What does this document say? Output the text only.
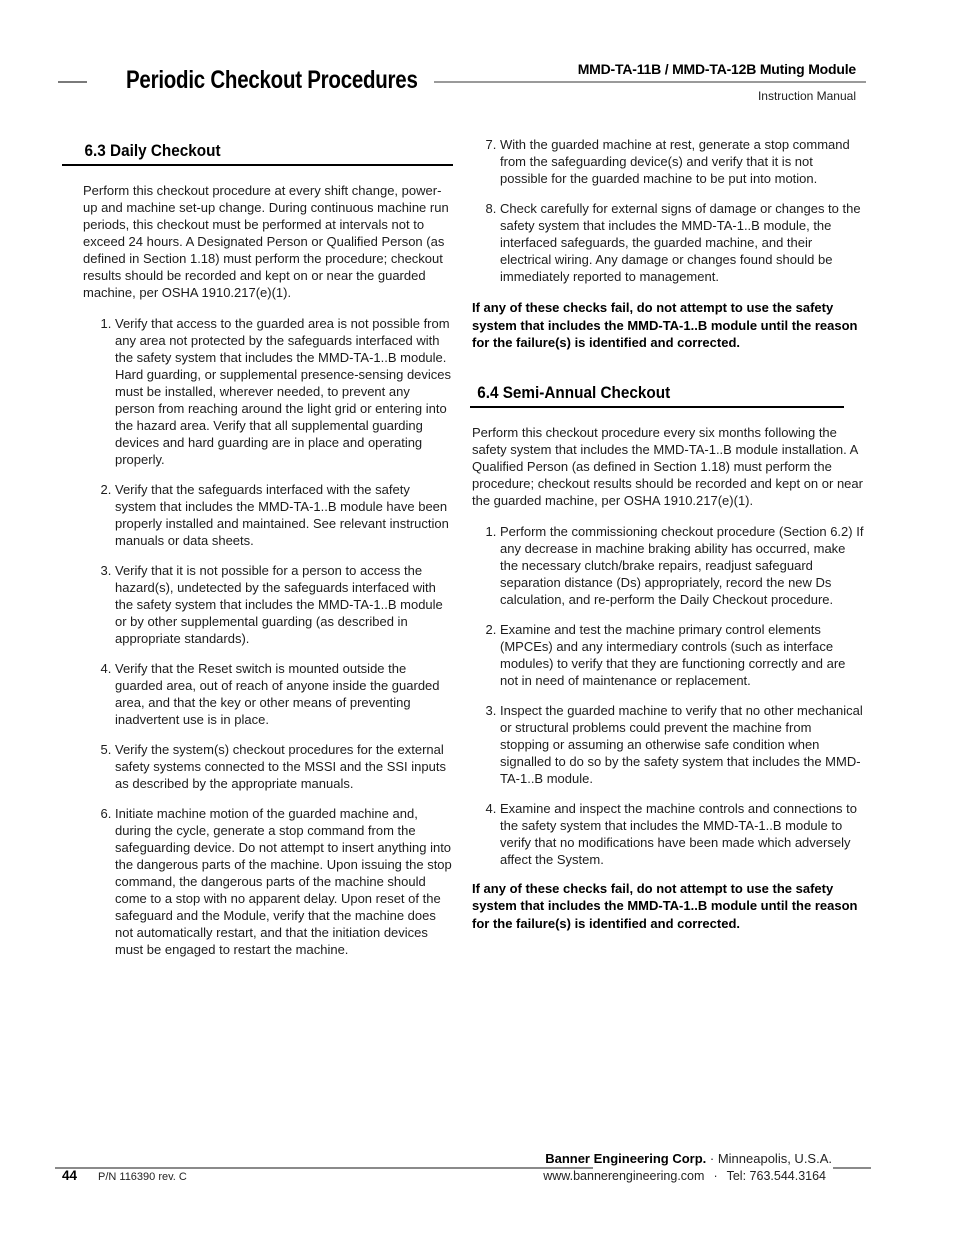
Periodic Checkout Procedures	MMD-TA-11B / MMD-TA-12B Muting Module
Instruction Manual
6.3 Daily Checkout

Perform this checkout procedure at every shift change, power-up and machine set-up change. During continuous machine run periods, this checkout must be performed at intervals not to exceed 24 hours. A Designated Person or Qualified Person (as defined in Section 1.18) must perform the procedure; checkout results should be recorded and kept on or near the guarded machine, per OSHA 1910.217(e)(1).

1. Verify that access to the guarded area is not possible from any area not protected by the safeguards interfaced with the safety system that includes the MMD-TA-1..B module. Hard guarding, or supplemental presence-sensing devices must be installed, wherever needed, to prevent any person from reaching around the light grid or entering into the hazard area. Verify that all supplemental guarding devices and hard guarding are in place and operating properly.
2. Verify that the safeguards interfaced with the safety system that includes the MMD-TA-1..B module have been properly installed and maintained. See relevant instruction manuals or data sheets.
3. Verify that it is not possible for a person to access the hazard(s), undetected by the safeguards interfaced with the safety system that includes the MMD-TA-1..B module or by other supplemental guarding (as described in appropriate standards).
4. Verify that the Reset switch is mounted outside the guarded area, out of reach of anyone inside the guarded area, and that the key or other means of preventing inadvertent use is in place.
5. Verify the system(s) checkout procedures for the external safety systems connected to the MSSI and the SSI inputs as described by the appropriate manuals.
6. Initiate machine motion of the guarded machine and, during the cycle, generate a stop command from the safeguarding device. Do not attempt to insert anything into the dangerous parts of the machine. Upon issuing the stop command, the dangerous parts of the machine should come to a stop with no apparent delay. Upon reset of the safeguard and the Module, verify that the machine does not automatically restart, and that the initiation devices must be engaged to restart the machine.
7. With the guarded machine at rest, generate a stop command from the safeguarding device(s) and verify that it is not possible for the guarded machine to be put into motion.
8. Check carefully for external signs of damage or changes to the safety system that includes the MMD-TA-1..B module, the interfaced safeguards, the guarded machine, and their electrical wiring. Any damage or changes found should be immediately reported to management.

If any of these checks fail, do not attempt to use the safety system that includes the MMD-TA-1..B module until the reason for the failure(s) is identified and corrected.

6.4 Semi-Annual Checkout

Perform this checkout procedure every six months following the safety system that includes the MMD-TA-1..B module installation. A Qualified Person (as defined in Section 1.18) must perform the procedure; checkout results should be recorded and kept on or near the guarded machine, per OSHA 1910.217(e)(1).

1. Perform the commissioning checkout procedure (Section 6.2) If any decrease in machine braking ability has occurred, make the necessary clutch/brake repairs, readjust safeguard separation distance (Ds) appropriately, record the new Ds calculation, and re-perform the Daily Checkout procedure.
2. Examine and test the machine primary control elements (MPCEs) and any intermediary controls (such as interface modules) to verify that they are functioning correctly and are not in need of maintenance or replacement.
3. Inspect the guarded machine to verify that no other mechanical or structural problems could prevent the machine from stopping or assuming an otherwise safe condition when signalled to do so by the safety system that includes the MMD-TA-1..B module.
4. Examine and inspect the machine controls and connections to the safety system that includes the MMD-TA-1..B module to verify that no modifications have been made which adversely affect the System.

If any of these checks fail, do not attempt to use the safety system that includes the MMD-TA-1..B module until the reason for the failure(s) is identified and corrected.

Banner Engineering Corp. · Minneapolis, U.S.A.
www.bannerengineering.com · Tel: 763.544.3164
44 P/N 116390 rev. C
